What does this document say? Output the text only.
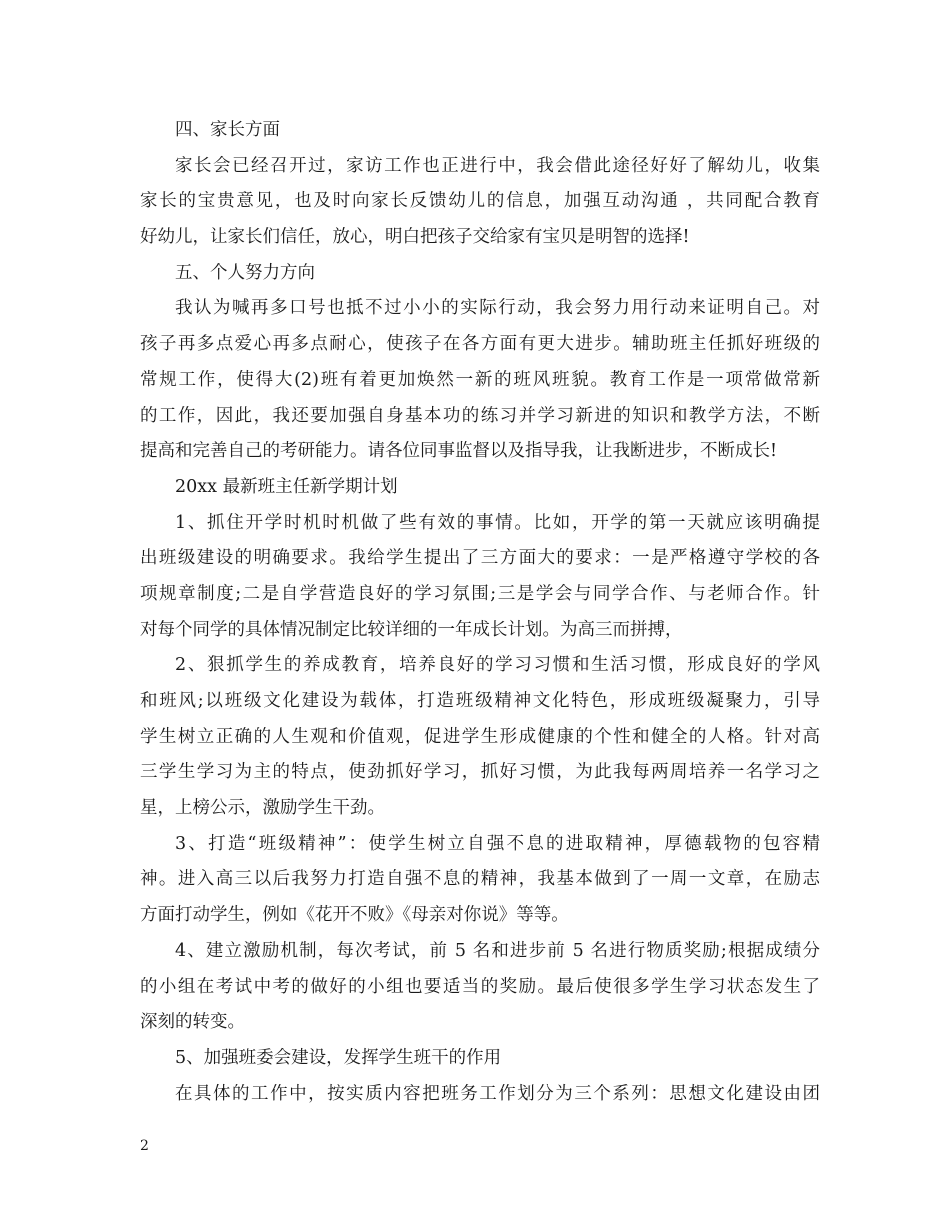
四、家长方面
家长会已经召开过，家访工作也正进行中，我会借此途径好好了解幼儿，收集
家长的宝贵意见，也及时向家长反馈幼儿的信息，加强互动沟通 ，共同配合教育
好幼儿，让家长们信任，放心，明白把孩子交给家有宝贝是明智的选择!
五、个人努力方向
我认为喊再多口号也抵不过小小的实际行动，我会努力用行动来证明自己。对
孩子再多点爱心再多点耐心，使孩子在各方面有更大进步。辅助班主任抓好班级的
常规工作，使得大(2)班有着更加焕然一新的班风班貌。教育工作是一项常做常新
的工作，因此，我还要加强自身基本功的练习并学习新进的知识和教学方法，不断
提高和完善自己的考研能力。请各位同事监督以及指导我，让我断进步，不断成长!
20xx 最新班主任新学期计划
1、抓住开学时机时机做了些有效的事情。比如，开学的第一天就应该明确提
出班级建设的明确要求。我给学生提出了三方面大的要求：一是严格遵守学校的各
项规章制度;二是自学营造良好的学习氛围;三是学会与同学合作、与老师合作。针
对每个同学的具体情况制定比较详细的一年成长计划。为高三而拼搏，
2、狠抓学生的养成教育，培养良好的学习习惯和生活习惯，形成良好的学风
和班风;以班级文化建设为载体，打造班级精神文化特色，形成班级凝聚力，引导
学生树立正确的人生观和价值观，促进学生形成健康的个性和健全的人格。针对高
三学生学习为主的特点，使劲抓好学习，抓好习惯，为此我每两周培养一名学习之
星，上榜公示，激励学生干劲。
3、打造“班级精神”：使学生树立自强不息的进取精神，厚德载物的包容精
神。进入高三以后我努力打造自强不息的精神，我基本做到了一周一文章，在励志
方面打动学生，例如《花开不败》《母亲对你说》等等。
4、建立激励机制，每次考试，前 5 名和进步前 5 名进行物质奖励;根据成绩分
的小组在考试中考的做好的小组也要适当的奖励。最后使很多学生学习状态发生了
深刻的转变。
5、加强班委会建设，发挥学生班干的作用
在具体的工作中，按实质内容把班务工作划分为三个系列：思想文化建设由团
2
